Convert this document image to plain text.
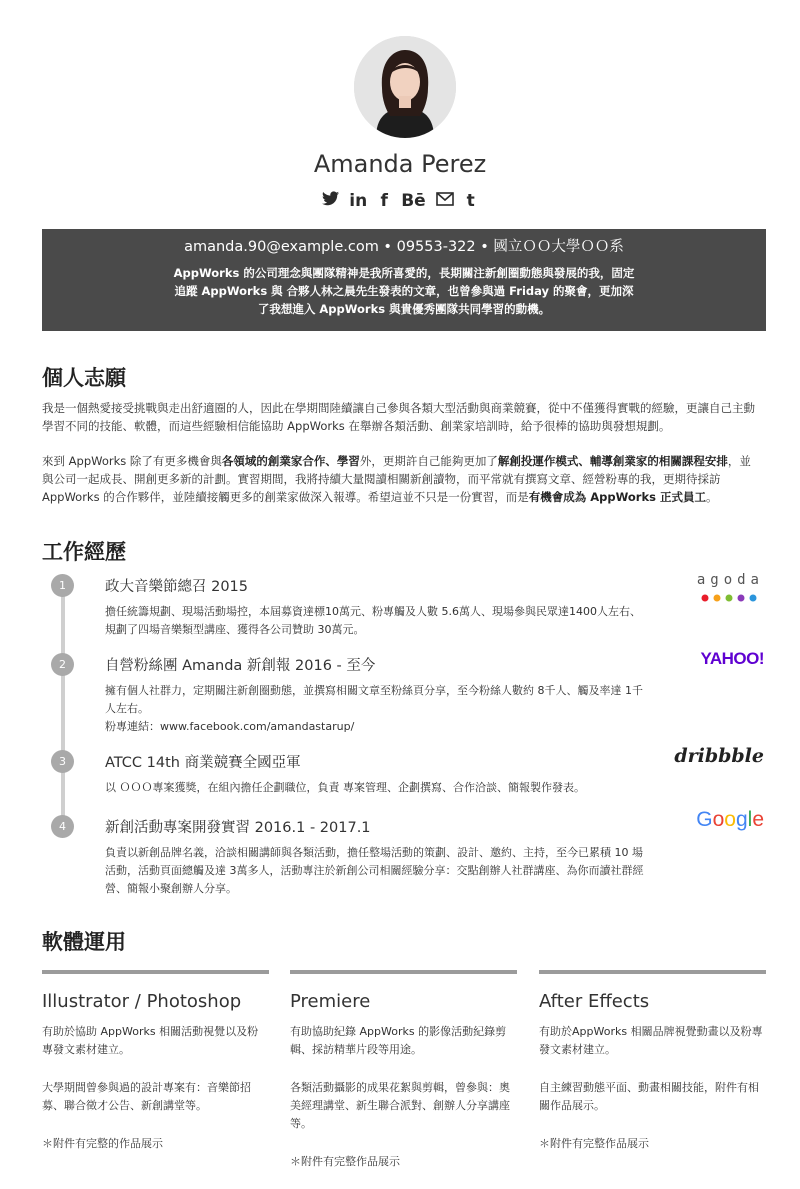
Amanda Perez
in f Bē t
amanda.90@example.com • 09553-322 • 國立ＯＯ大學ＯＯ系
AppWorks 的公司理念與團隊精神是我所喜愛的，長期關注新創圈動態與發展的我，固定追蹤 AppWorks 與 合夥人林之晨先生發表的文章，也曾參與過 Friday 的聚會，更加深了我想進入 AppWorks 與貴優秀團隊共同學習的動機。
個人志願
我是一個熱愛接受挑戰與走出舒適圈的人，因此在學期間陸續讓自己參與各類大型活動與商業競賽，從中不僅獲得實戰的經驗，更讓自己主動學習不同的技能、軟體，而這些經驗相信能協助 AppWorks 在舉辦各類活動、創業家培訓時，給予很棒的協助與發想規劃。
來到 AppWorks 除了有更多機會與各領域的創業家合作、學習外，更期許自己能夠更加了解創投運作模式、輔導創業家的相關課程安排，並與公司一起成長、開創更多新的計劃。實習期間，我將持續大量閱讀相關新創讀物，而平常就有撰寫文章、經營粉專的我，更期待採訪 AppWorks 的合作夥伴，並陸續接觸更多的創業家做深入報導。希望這並不只是一份實習，而是有機會成為 AppWorks 正式員工。
工作經歷
1	政大音樂節總召 2015
擔任統籌規劃、現場活動場控，本屆募資達標10萬元、粉專觸及人數 5.6萬人、現場參與民眾達1400人左右、規劃了四場音樂類型講座、獲得各公司贊助 30萬元。
agoda
2	自營粉絲團 Amanda 新創報 2016 - 至今
擁有個人社群力，定期關注新創圈動態，並撰寫相關文章至粉絲頁分享，至今粉絲人數約 8千人、觸及率達 1千人左右。
粉專連結：www.facebook.com/amandastarup/
YAHOO!
3	ATCC 14th 商業競賽全國亞軍
以 ＯＯＯ專案獲獎，在組內擔任企劃職位，負責 專案管理、企劃撰寫、合作洽談、簡報製作發表。
dribbble
4	新創活動專案開發實習 2016.1 - 2017.1
負責以新創品牌名義，洽談相關講師與各類活動，擔任整場活動的策劃、設計、邀約、主持，至今已累積 10 場活動，活動頁面總觸及達 3萬多人，活動專注於新創公司相關經驗分享：交點創辦人社群講座、為你而讀社群經營、簡報小聚創辦人分享。
Google
軟體運用
Illustrator / Photoshop
有助於協助 AppWorks 相關活動視覺以及粉專發文素材建立。
大學期間曾參與過的設計專案有：音樂節招募、聯合徵才公告、新創講堂等。
＊附件有完整的作品展示
Premiere
有助協助紀錄 AppWorks 的影像活動紀錄剪輯、採訪精華片段等用途。
各類活動攝影的成果花絮與剪輯，曾參與：奧美經理講堂、新生聯合派對、創辦人分享講座等。
＊附件有完整作品展示
After Effects
有助於AppWorks 相關品牌視覺動畫以及粉專發文素材建立。
自主練習動態平面、動畫相關技能，附件有相關作品展示。
＊附件有完整作品展示
